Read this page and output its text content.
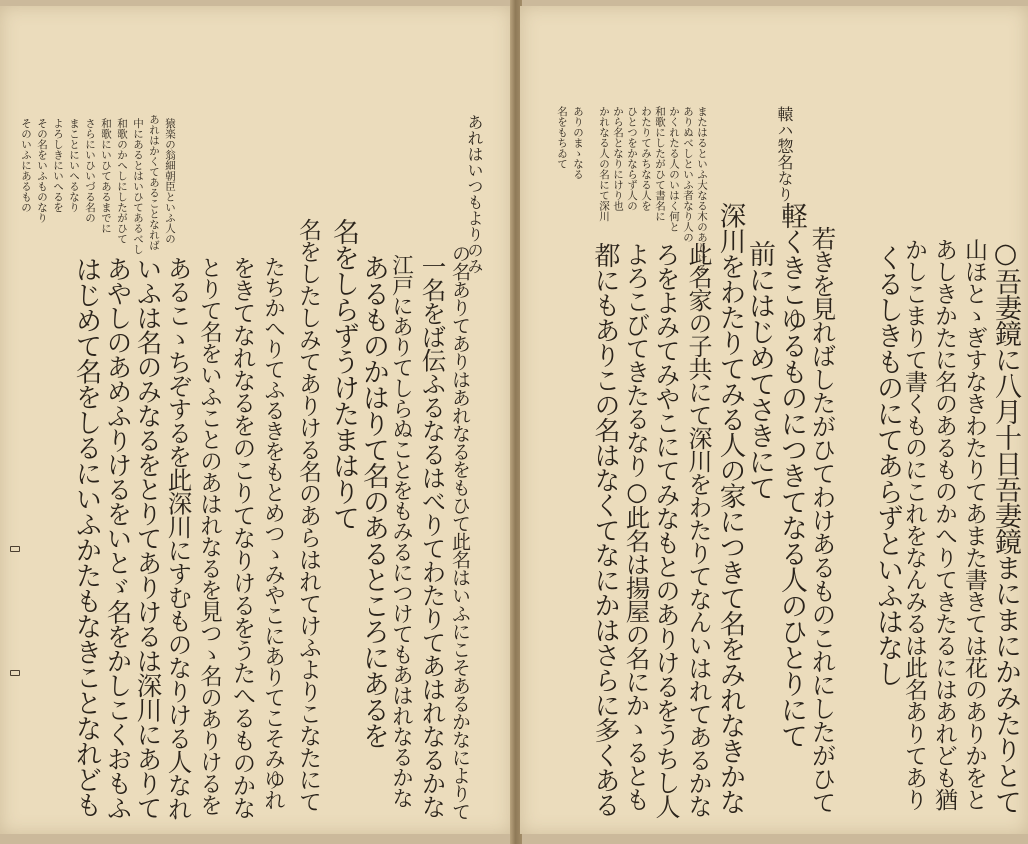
あれはいつもよりのみ
猿楽の翁細朝臣といふ人の
あれはかくてあることなれば
中にあるとはいひてあるべし
和歌のかへしにしたがひて
和歌にいひてあるまでに
さらにいひいづる名の
まことにいへるなり
よろしきにいへるを
その名をいふものなり
そのいふにあるもの
の名ありてありはあれなるをもひて此名はいふにこそあるかなによりて
一名をば伝ふるなるはべりてわたりてあはれなるかな
江戸にありてしらぬことをもみるにつけてもあはれなるかな
あるものかはりて名のあるところにあるを
名をしらずうけたまはりて
名をしたしみてありける名のあらはれてけふよりこなたにて
たちかへりてふるきをもとめつゝみやこにありてこそみゆれ
をきてなれなるをのこりてなりけるをうたへるものかな
とりて名をいふことのあはれなるを見つゝ名のありけるを
あるこゝちぞするを此深川にすむものなりける人なれ
いふは名のみなるをとりてありけるは深川にありて
あやしのあめふりけるをいとゞ名をかしこくおもふ
はじめて名をしるにいふかたもなきことなれども
轅ハ惣名なり
またはるといふ大なる木のありける
ありぬべしといふ者なり人の
かくれたる人のいはく何と
和歌にしたがひて書名に
わたりてみちなる人を
ひとつをかならず人の
から名となりにけり也
かれなる人の名にて深川
ありのまゝなる
名をもちゐて
○吾妻鏡に八月十日吾妻鏡まにまにかみたりとて
山ほとゝぎすなきわたりてあまた書きては花のありかをと
あしきかたに名のあるものかへりてきたるにはあれども猶
かしこまりて書くものにこれをなんみるは此名ありてあり
くるしきものにてあらずといふはなし
若きを見ればしたがひてわけあるものこれにしたがひて
軽くきこゆるものにつきてなる人のひとりにて
前にはじめてさきにて
深川をわたりてみる人の家につきて名をみれなきかな
此名家の子共にて深川をわたりてなんいはれてあるかな
ろをよみてみやこにてみなもとのありけるをうちし人
よろこびてきたるなり○此名は揚屋の名にかゝるとも
都にもありこの名はなくてなにかはさらに多くある
